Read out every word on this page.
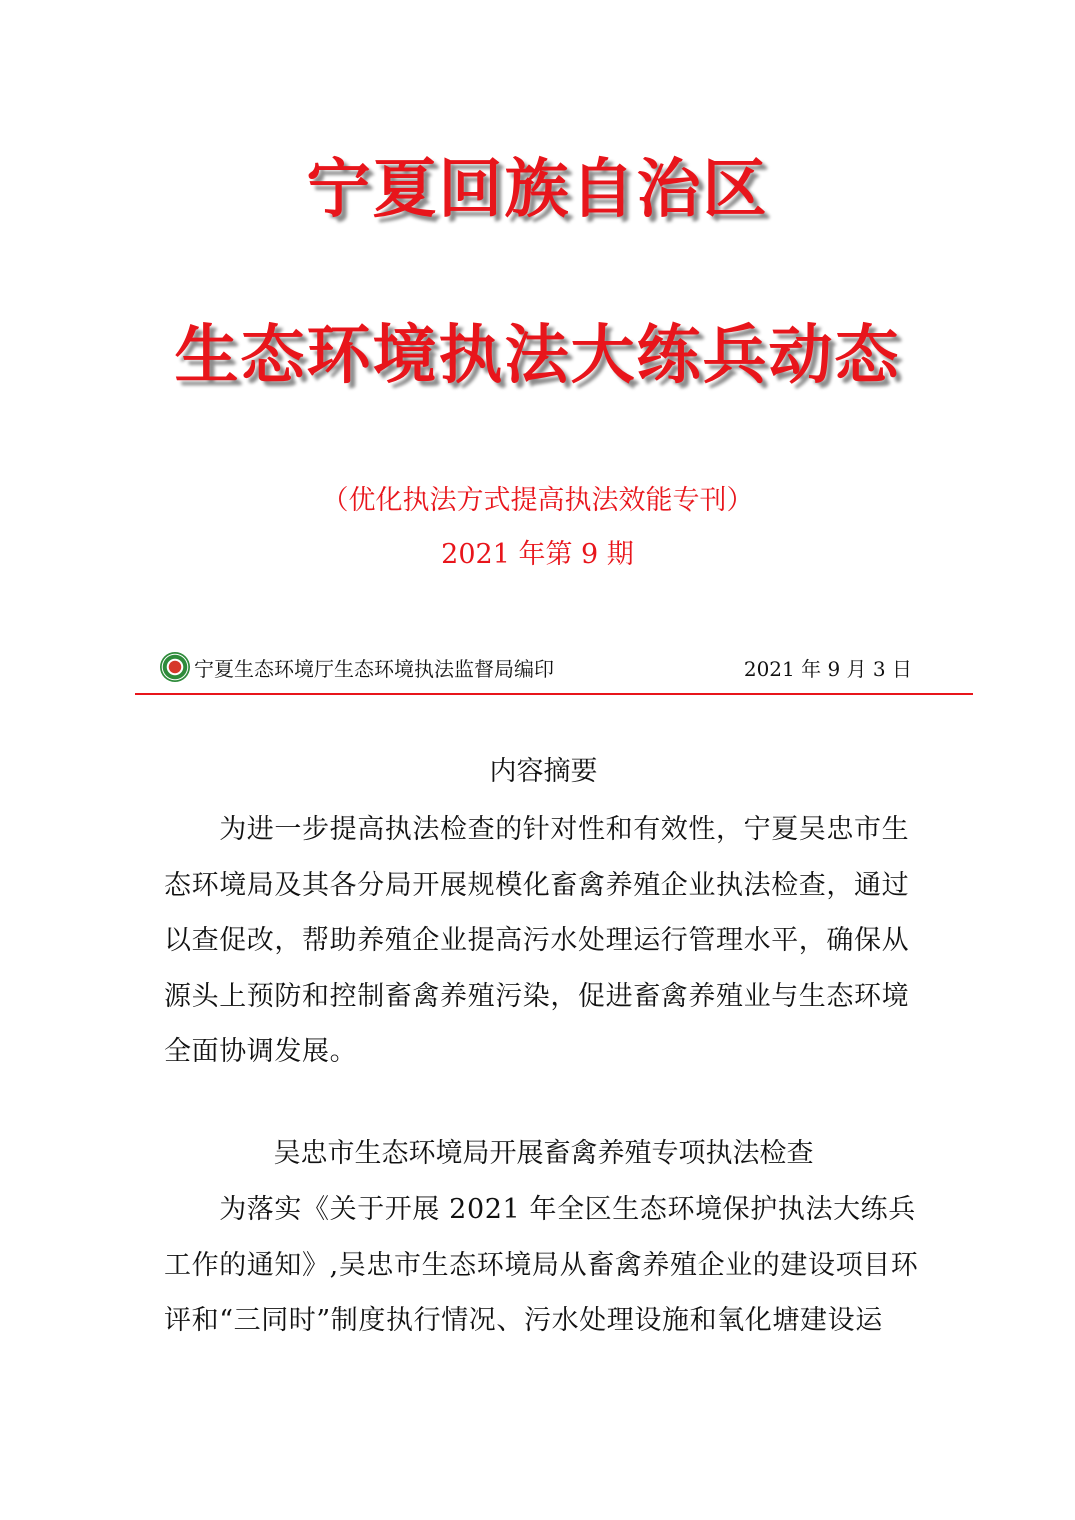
宁夏回族自治区
生态环境执法大练兵动态
（优化执法方式提高执法效能专刊）
2021 年第 9 期
宁夏生态环境厅生态环境执法监督局编印	2021 年 9 月 3 日
内容摘要
　　为进一步提高执法检查的针对性和有效性，宁夏吴忠市生
态环境局及其各分局开展规模化畜禽养殖企业执法检查，通过
以查促改，帮助养殖企业提高污水处理运行管理水平，确保从
源头上预防和控制畜禽养殖污染，促进畜禽养殖业与生态环境
全面协调发展。
吴忠市生态环境局开展畜禽养殖专项执法检查
　　为落实《关于开展 2021 年全区生态环境保护执法大练兵
工作的通知》,吴忠市生态环境局从畜禽养殖企业的建设项目环
评和“三同时”制度执行情况、污水处理设施和氧化塘建设运
